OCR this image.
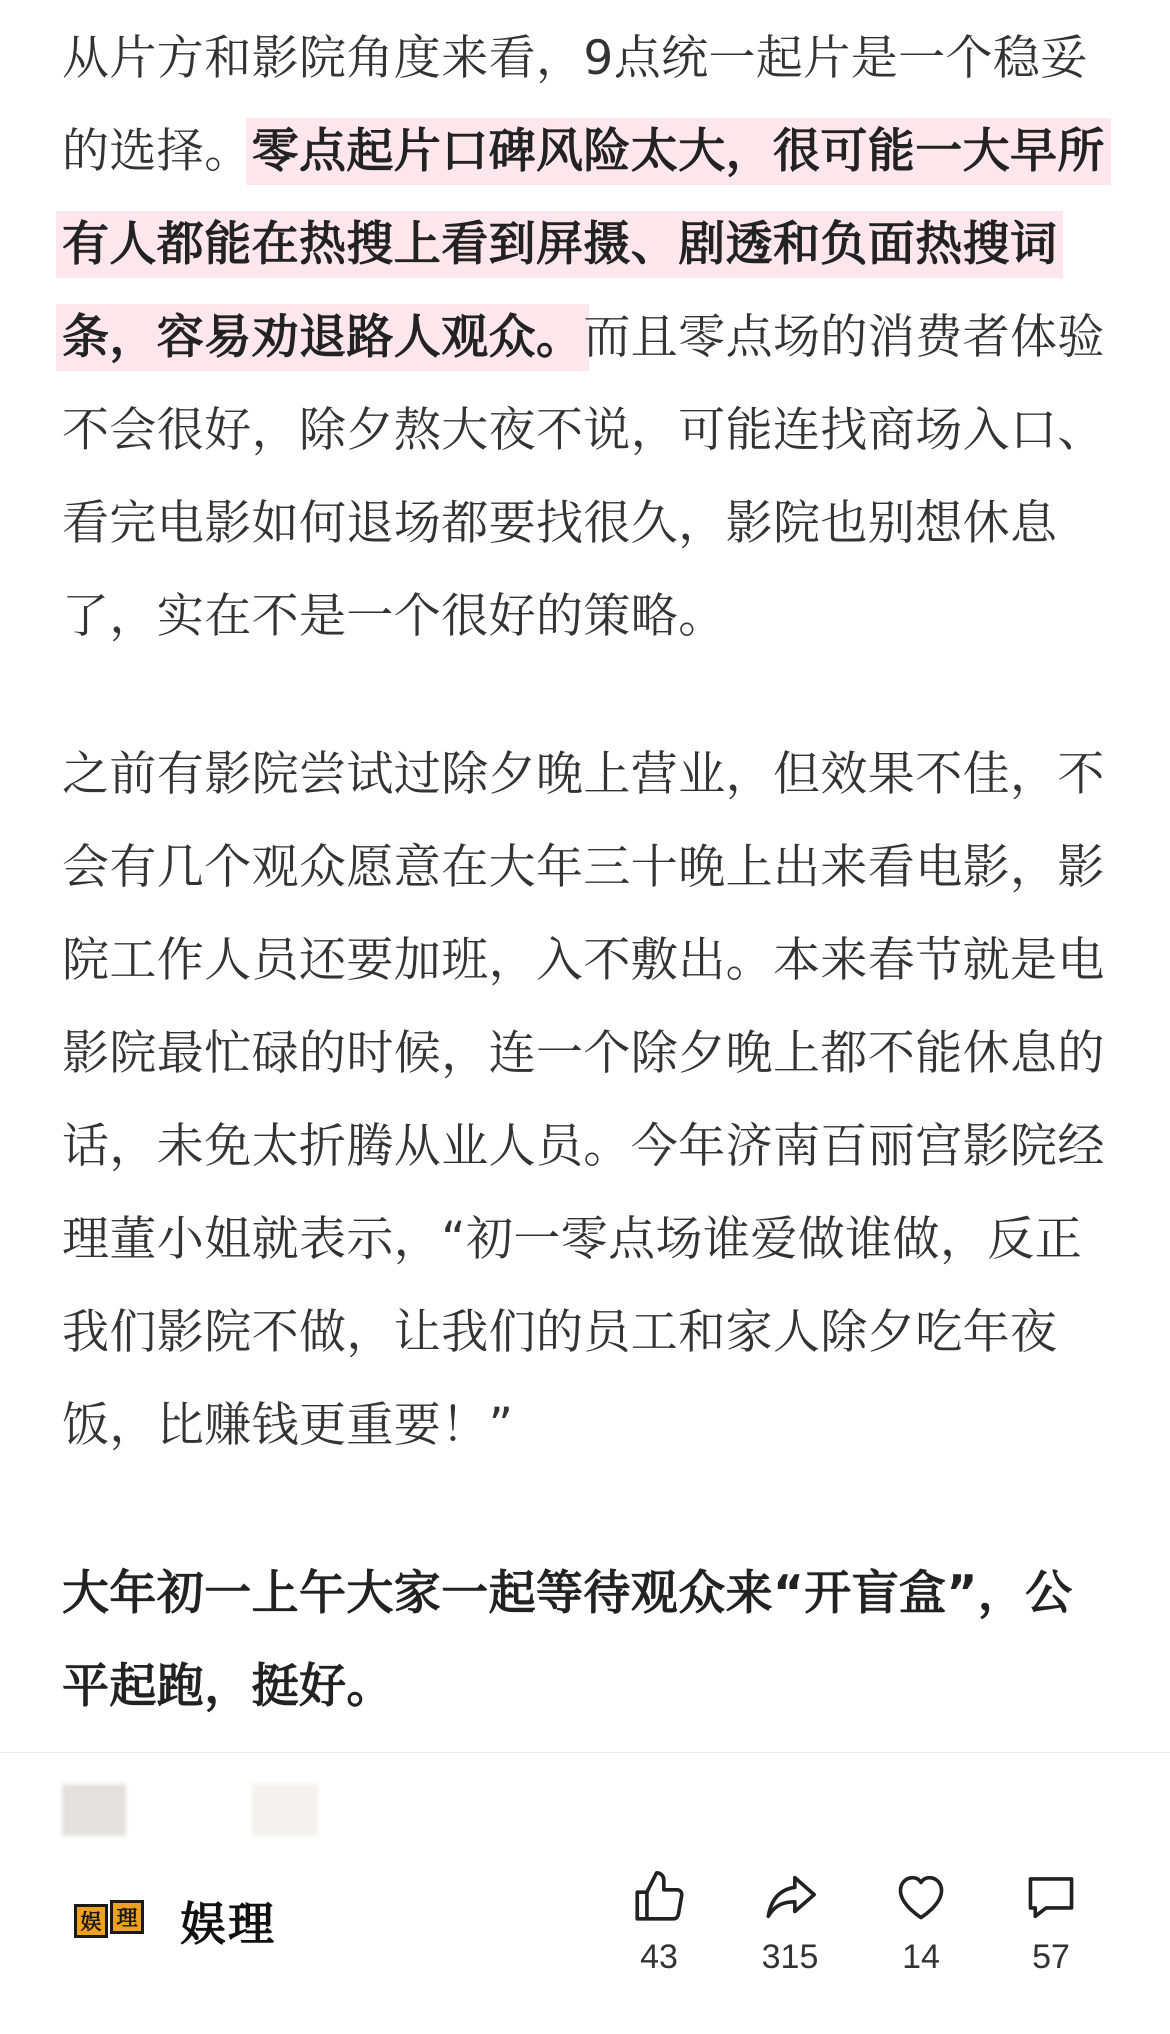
从片方和影院角度来看，9点统一起片是一个稳妥的选择。零点起片口碑风险太大，很可能一大早所有人都能在热搜上看到屏摄、剧透和负面热搜词条，容易劝退路人观众。而且零点场的消费者体验不会很好，除夕熬大夜不说，可能连找商场入口、看完电影如何退场都要找很久，影院也别想休息了，实在不是一个很好的策略。

之前有影院尝试过除夕晚上营业，但效果不佳，不会有几个观众愿意在大年三十晚上出来看电影，影院工作人员还要加班，入不敷出。本来春节就是电影院最忙碌的时候，连一个除夕晚上都不能休息的话，未免太折腾从业人员。今年济南百丽宫影院经理董小姐就表示，“初一零点场谁爱做谁做，反正我们影院不做，让我们的员工和家人除夕吃年夜饭，比赚钱更重要！”

大年初一上午大家一起等待观众来“开盲盒”，公平起跑，挺好。

娱 理 娱理
43	315	14	57
